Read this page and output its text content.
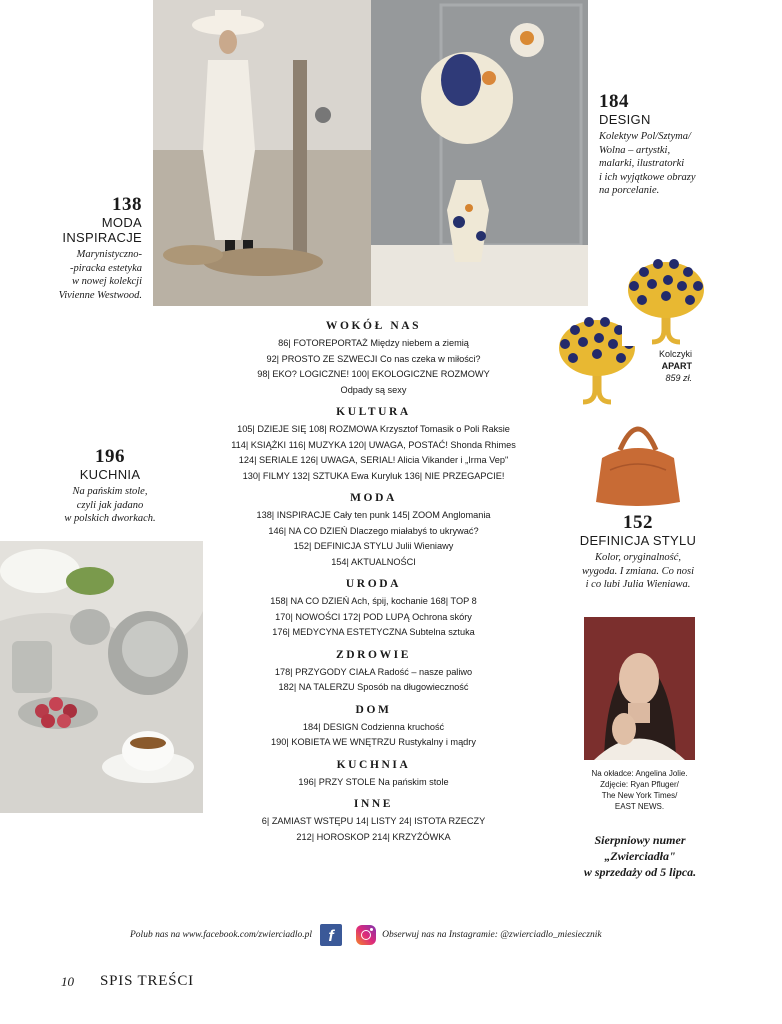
138
MODA
INSPIRACJE
Marynistyczno-
-piracka estetyka
w nowej kolekcji
Vivienne Westwood.
184
DESIGN
Kolektyw Pol/Sztyma/
Wolna – artystki,
malarki, ilustratorki
i ich wyjątkowe obrazy
na porcelanie.
196
KUCHNIA
Na pańskim stole,
czyli jak jadano
w polskich dworkach.	152
DEFINICJA STYLU
Kolor, oryginalność,
wygoda. I zmiana. Co nosi
i co lubi Julia Wieniawa.
Kolczyki
APART
859 zł.
WOKÓŁ NAS
86| FOTOREPORTAŻ Między niebem a ziemią
92| PROSTO ZE SZWECJI Co nas czeka w miłości?
98| EKO? LOGICZNE! 100| EKOLOGICZNE ROZMOWY
Odpady są sexy
KULTURA
105| DZIEJE SIĘ 108| ROZMOWA Krzysztof Tomasik o Poli Raksie
114| KSIĄŻKI 116| MUZYKA 120| UWAGA, POSTAĆ! Shonda Rhimes
124| SERIALE 126| UWAGA, SERIAL! Alicia Vikander i „Irma Vep"
130| FILMY 132| SZTUKA Ewa Kuryluk 136| NIE PRZEGAPCIE!
MODA
138| INSPIRACJE Cały ten punk 145| ZOOM Anglomania
146| NA CO DZIEŃ Dlaczego miałabyś to ukrywać?
152| DEFINICJA STYLU Julii Wieniawy
154| AKTUALNOŚCI
URODA
158| NA CO DZIEŃ Ach, śpij, kochanie 168| TOP 8
170| NOWOŚCI 172| POD LUPĄ Ochrona skóry
176| MEDYCYNA ESTETYCZNA Subtelna sztuka
ZDROWIE
178| PRZYGODY CIAŁA Radość – nasze paliwo
182| NA TALERZU Sposób na długowieczność
DOM
184| DESIGN Codzienna kruchość
190| KOBIETA WE WNĘTRZU Rustykalny i mądry
KUCHNIA
196| PRZY STOLE Na pańskim stole
INNE
6| ZAMIAST WSTĘPU 14| LISTY 24| ISTOTA RZECZY
212| HOROSKOP 214| KRZYŻÓWKA
Na okładce: Angelina Jolie.
Zdjęcie: Ryan Pfluger/
The New York Times/
EAST NEWS.
Sierpniowy numer
„Zwierciadła"
w sprzedaży od 5 lipca.
Polub nas na www.facebook.com/zwierciadlo.pl	f	Obserwuj nas na Instagramie: @zwierciadlo_miesiecznik
10 SPIS TREŚCI
